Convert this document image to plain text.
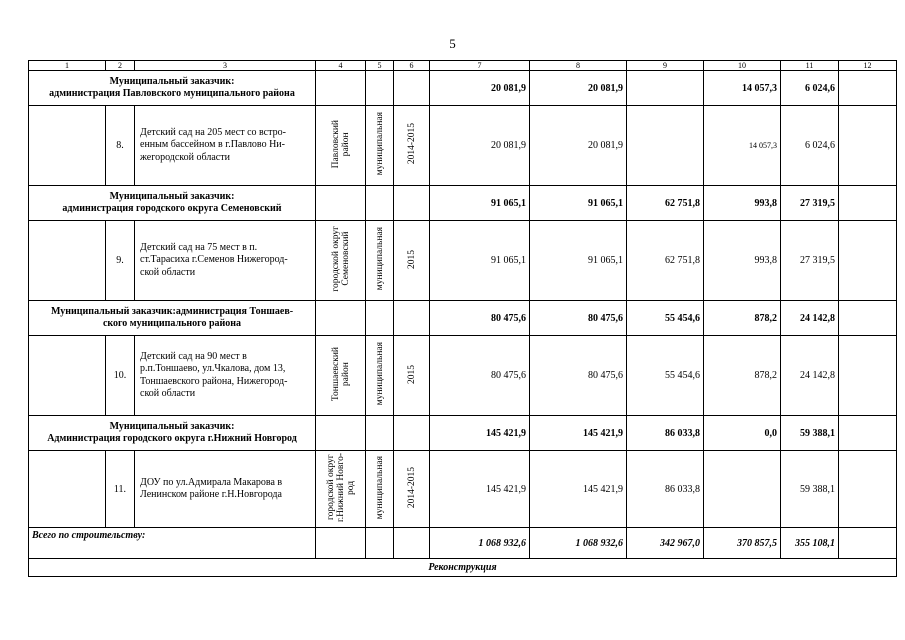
5
1	2	3	4	5	6	7	8	9	10	11	12
Муниципальный заказчик:
администрация Павловского муниципального района						20 081,9	20 081,9		14 057,3	6 024,6	
	8.	Детский сад на 205 мест со встро-
енным бассейном в г.Павлово Ни-
жегородской области	Павловский
район	муниципальная	2014-2015	20 081,9	20 081,9		14 057,3	6 024,6	
Муниципальный заказчик:
администрация городского округа Семеновский						91 065,1	91 065,1	62 751,8	993,8	27 319,5	
	9.	Детский сад на 75 мест в п.
ст.Тарасиха г.Семенов Нижегород-
ской области	городской округ
Семеновский	муниципальная	2015	91 065,1	91 065,1	62 751,8	993,8	27 319,5	
Муниципальный заказчик:администрация Тоншаев-
ского муниципального района						80 475,6	80 475,6	55 454,6	878,2	24 142,8	
	10.	Детский сад на 90 мест в
р.п.Тоншаево, ул.Чкалова, дом 13,
Тоншаевского района, Нижегород-
ской области	Тоншаевский
район	муниципальная	2015	80 475,6	80 475,6	55 454,6	878,2	24 142,8	
Муниципальный заказчик:
Администрация городского округа г.Нижний Новгород						145 421,9	145 421,9	86 033,8	0,0	59 388,1	
	11.	ДОУ по ул.Адмирала Макарова в
Ленинском районе г.Н.Новгорода	городской округ
г.Нижний Новго-
род	муниципальная	2014-2015	145 421,9	145 421,9	86 033,8		59 388,1	
Всего по строительству:						1 068 932,6	1 068 932,6	342 967,0	370 857,5	355 108,1	
Реконструкция											
